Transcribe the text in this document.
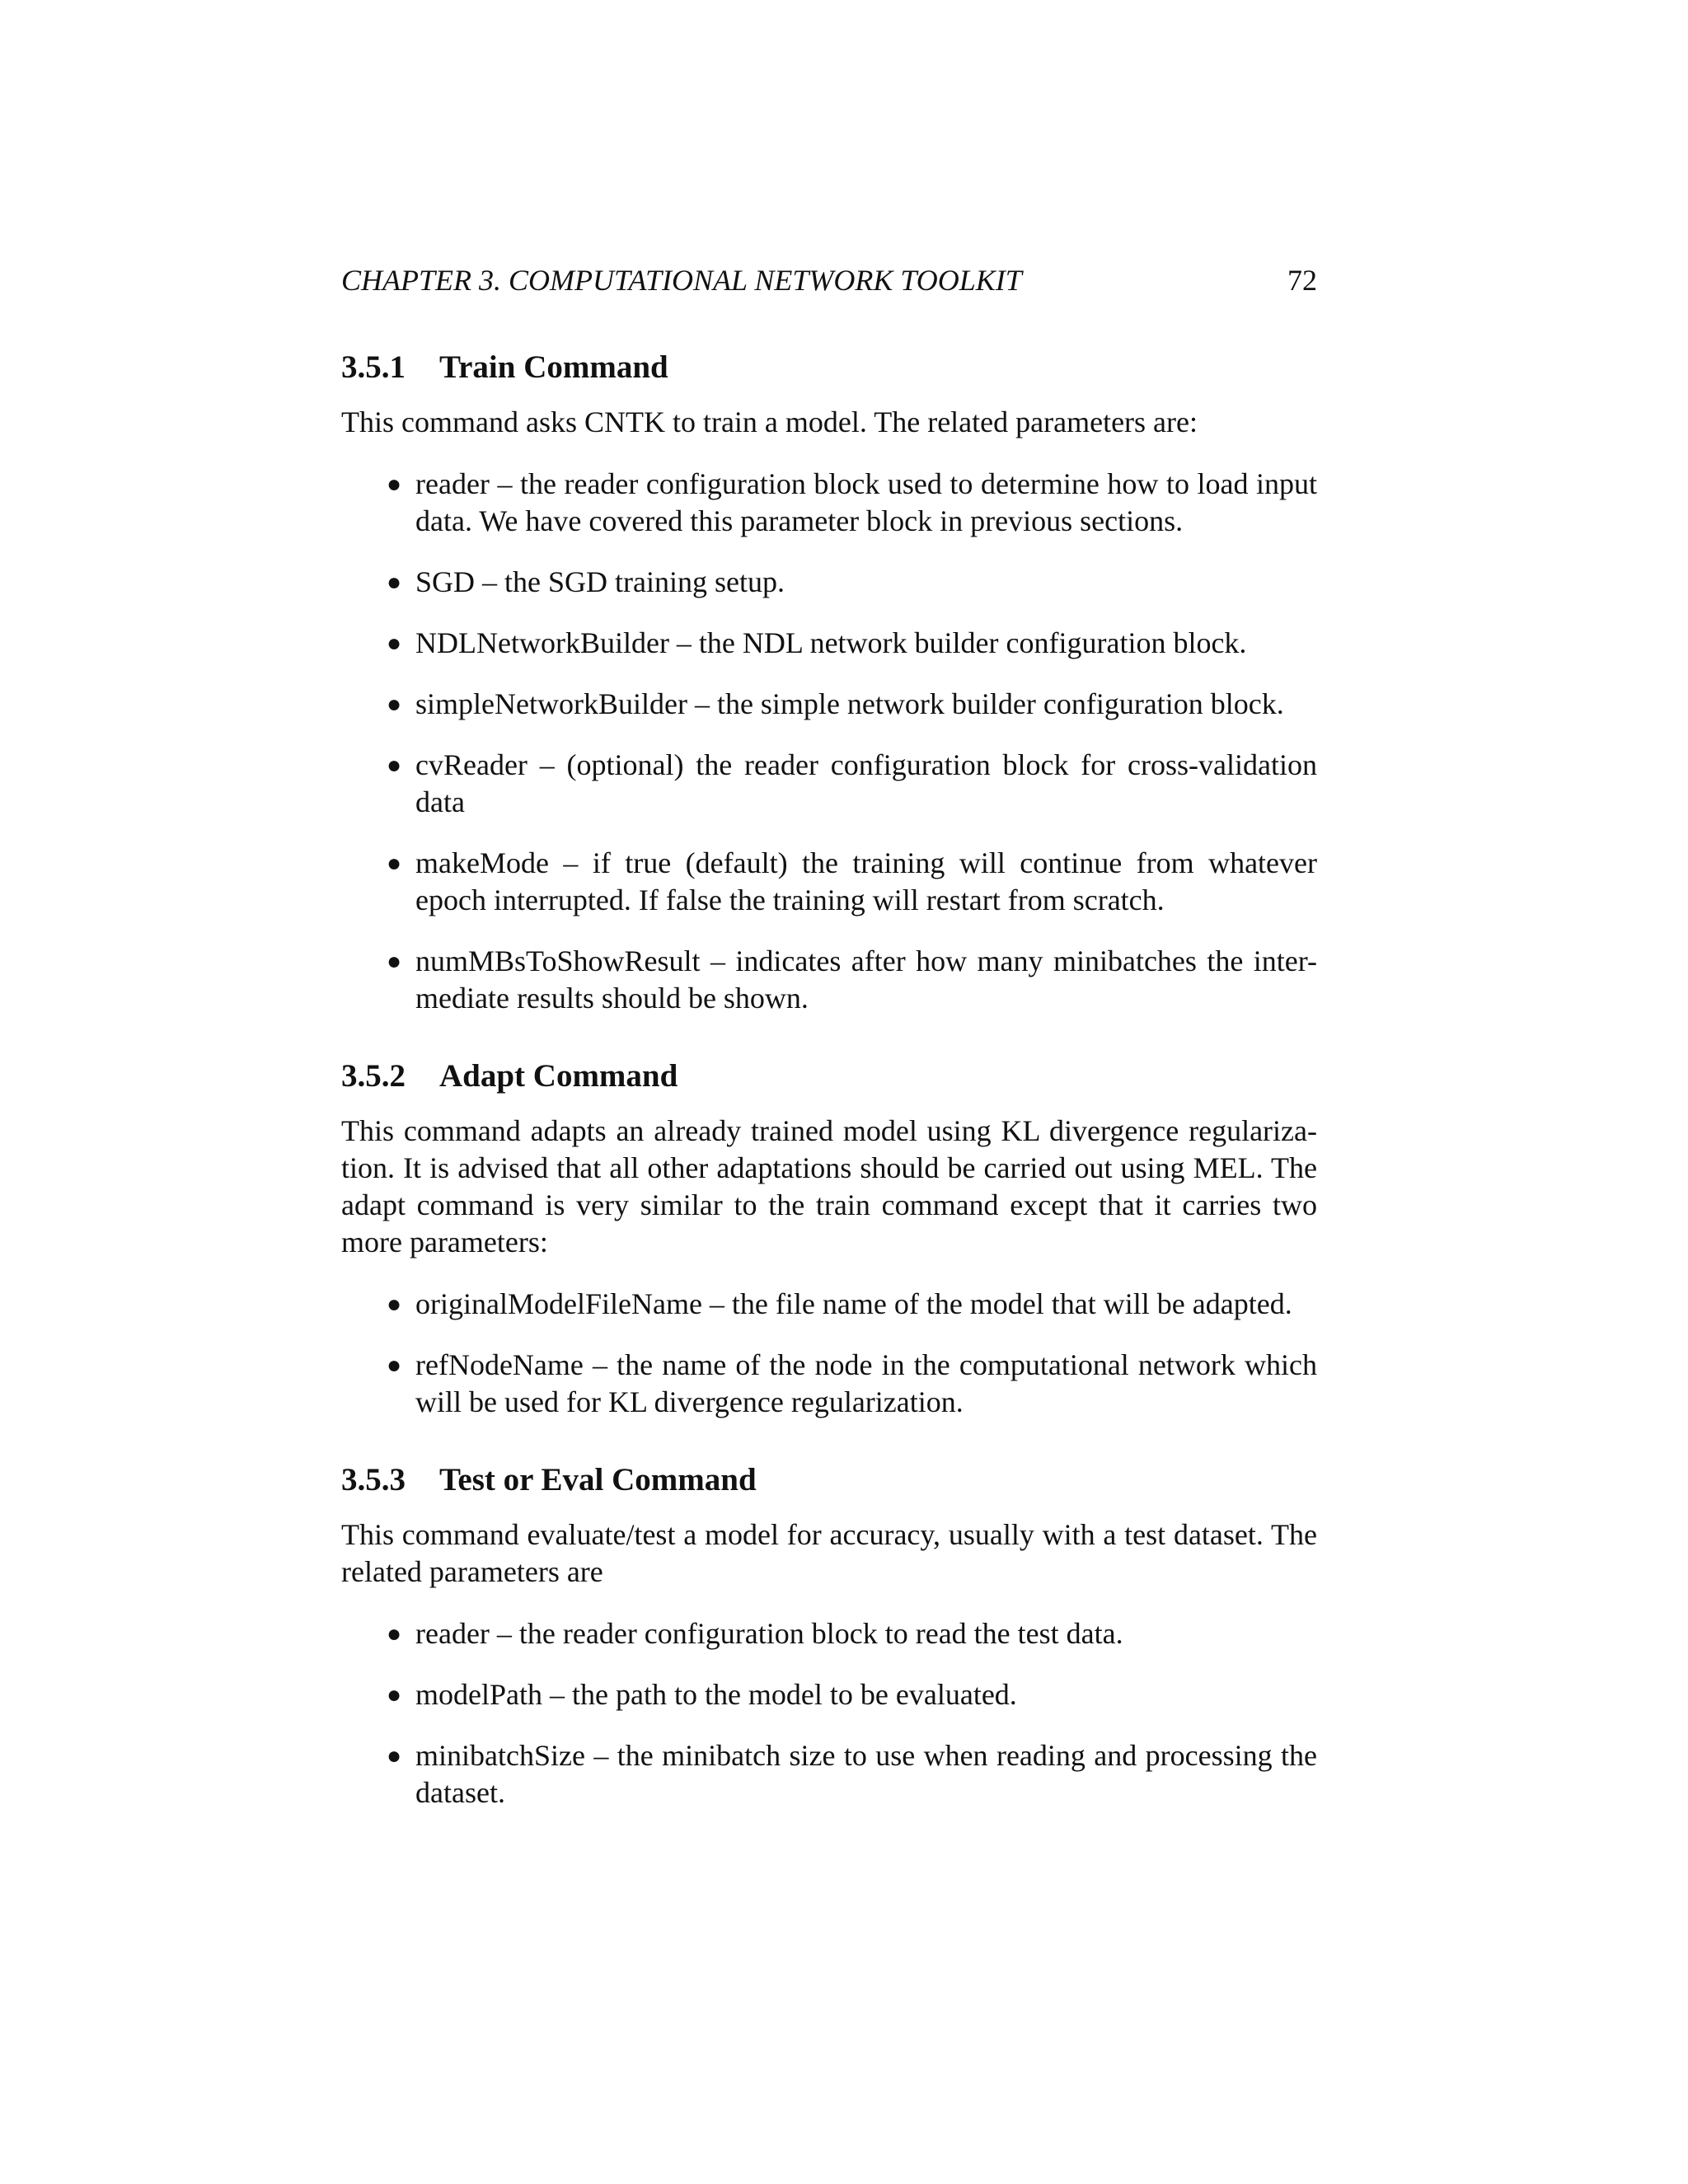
CHAPTER 3. COMPUTATIONAL NETWORK TOOLKIT	72
3.5.1	Train Command

This command asks CNTK to train a model. The related parameters are:

● reader – the reader configuration block used to determine how to load input data. We have covered this parameter block in previous sections.
● SGD – the SGD training setup.
● NDLNetworkBuilder – the NDL network builder configuration block.
● simpleNetworkBuilder – the simple network builder configuration block.
● cvReader – (optional) the reader configuration block for cross-validation data
● makeMode – if true (default) the training will continue from whatever epoch interrupted. If false the training will restart from scratch.
● numMBsToShowResult – indicates after how many minibatches the inter-mediate results should be shown.
3.5.2	Adapt Command

This command adapts an already trained model using KL divergence regulariza-tion. It is advised that all other adaptations should be carried out using MEL. The adapt command is very similar to the train command except that it carries two more parameters:

● originalModelFileName – the file name of the model that will be adapted.
● refNodeName – the name of the node in the computational network which will be used for KL divergence regularization.
3.5.3	Test or Eval Command

This command evaluate/test a model for accuracy, usually with a test dataset. The related parameters are

● reader – the reader configuration block to read the test data.
● modelPath – the path to the model to be evaluated.
● minibatchSize – the minibatch size to use when reading and processing the dataset.
